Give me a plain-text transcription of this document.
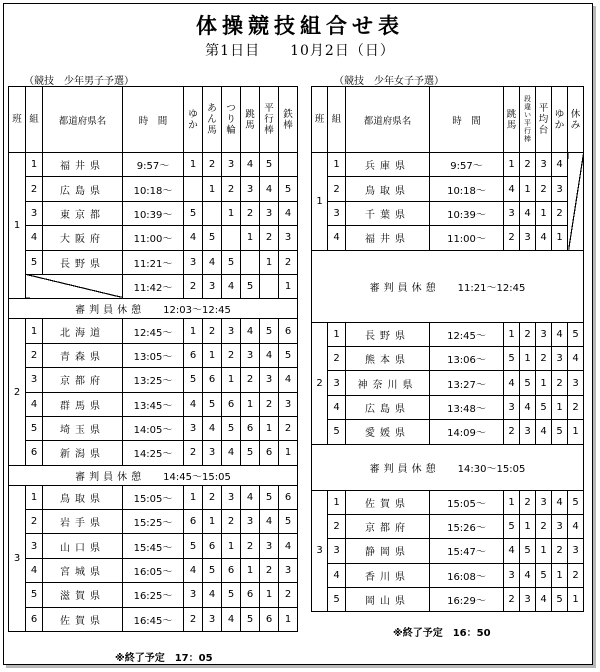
体操競技組合せ表
第1日目 10月2日（日）
（競技　少年男子予選）	（競技　少年女子予選）
班	組	都道府県名	時　間	ゆか	あん馬	つり輪	跳馬	平行棒	鉄棒
1	1	福井県	9:57～	1	2	3	4	5	
	2	広島県	10:18～		1	2	3	4	5
	3	東京都	10:39～	5		1	2	3	4
	4	大阪府	11:00～	4	5		1	2	3
	5	長野県	11:21～	3	4	5		1	2
			11:42～	2	3	4	5		1
審判員休憩 12:03～12:45									
2	1	北海道	12:45～	1	2	3	4	5	6
	2	青森県	13:05～	6	1	2	3	4	5
	3	京都府	13:25～	5	6	1	2	3	4
	4	群馬県	13:45～	4	5	6	1	2	3
	5	埼玉県	14:05～	3	4	5	6	1	2
	6	新潟県	14:25～	2	3	4	5	6	1
審判員休憩 14:45～15:05									
3	1	鳥取県	15:05～	1	2	3	4	5	6
	2	岩手県	15:25～	6	1	2	3	4	5
	3	山口県	15:45～	5	6	1	2	3	4
	4	宮城県	16:05～	4	5	6	1	2	3
	5	滋賀県	16:25～	3	4	5	6	1	2
	6	佐賀県	16:45～	2	3	4	5	6	1
班	組	都道府県名	時　間	跳馬	段違い平行棒	平均台	ゆか	休み
1	1	兵庫県	9:57～	1	2	3	4	
	2	鳥取県	10:18～	4	1	2	3	
	3	千葉県	10:39～	3	4	1	2	
	4	福井県	11:00～	2	3	4	1	
審判員休憩 11:21～12:45								
2	1	長野県	12:45～	1	2	3	4	5
	2	熊本県	13:06～	5	1	2	3	4
	3	神奈川県	13:27～	4	5	1	2	3
	4	広島県	13:48～	3	4	5	1	2
	5	愛媛県	14:09～	2	3	4	5	1
審判員休憩 14:30～15:05								
3	1	佐賀県	15:05～	1	2	3	4	5
	2	京都府	15:26～	5	1	2	3	4
	3	静岡県	15:47～	4	5	1	2	3
	4	香川県	16:08～	3	4	5	1	2
	5	岡山県	16:29～	2	3	4	5	1
※終了予定　17：05
※終了予定　16：50
